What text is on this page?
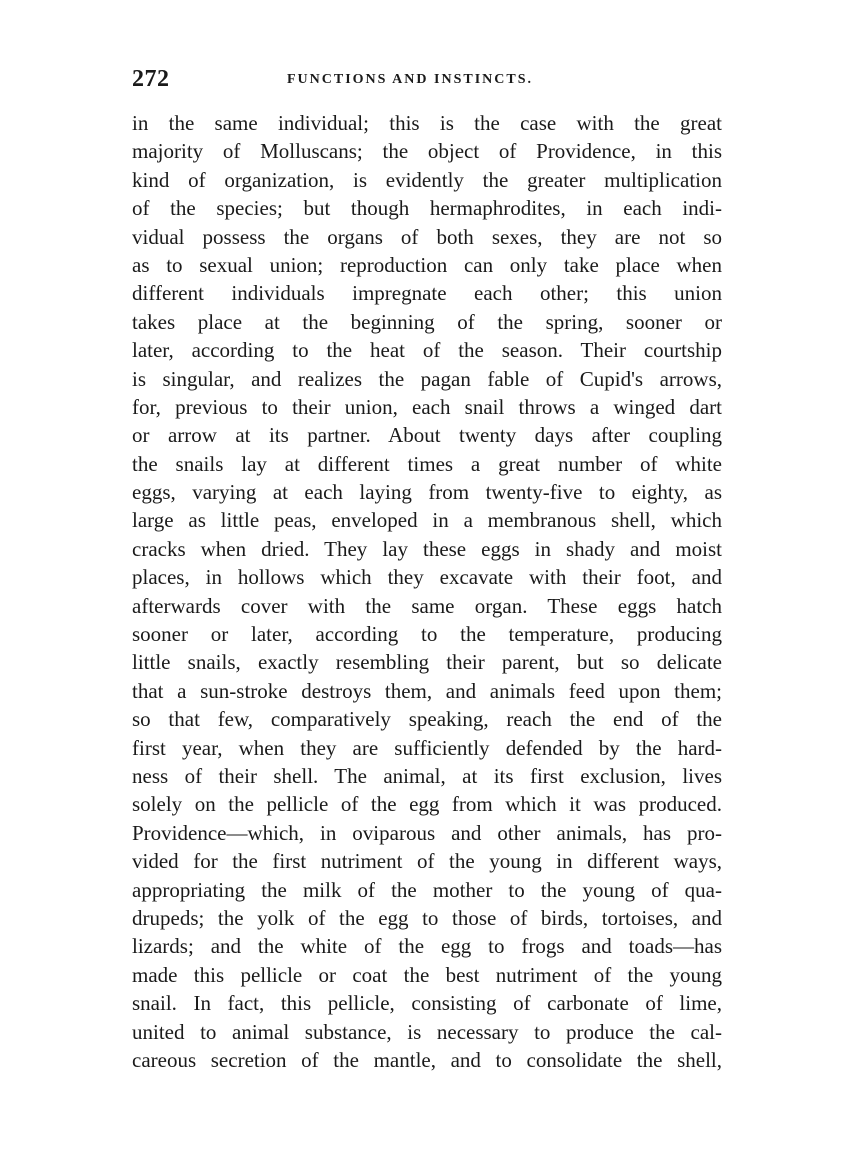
272	FUNCTIONS AND INSTINCTS.
in the same individual; this is the case with the great
majority of Molluscans; the object of Providence, in this
kind of organization, is evidently the greater multiplication
of the species; but though hermaphrodites, in each indi-
vidual possess the organs of both sexes, they are not so
as to sexual union; reproduction can only take place when
different individuals impregnate each other; this union
takes place at the beginning of the spring, sooner or
later, according to the heat of the season. Their courtship
is singular, and realizes the pagan fable of Cupid's arrows,
for, previous to their union, each snail throws a winged dart
or arrow at its partner. About twenty days after coupling
the snails lay at different times a great number of white
eggs, varying at each laying from twenty-five to eighty, as
large as little peas, enveloped in a membranous shell, which
cracks when dried. They lay these eggs in shady and moist
places, in hollows which they excavate with their foot, and
afterwards cover with the same organ. These eggs hatch
sooner or later, according to the temperature, producing
little snails, exactly resembling their parent, but so delicate
that a sun-stroke destroys them, and animals feed upon them;
so that few, comparatively speaking, reach the end of the
first year, when they are sufficiently defended by the hard-
ness of their shell. The animal, at its first exclusion, lives
solely on the pellicle of the egg from which it was produced.
Providence—which, in oviparous and other animals, has pro-
vided for the first nutriment of the young in different ways,
appropriating the milk of the mother to the young of qua-
drupeds; the yolk of the egg to those of birds, tortoises, and
lizards; and the white of the egg to frogs and toads—has
made this pellicle or coat the best nutriment of the young
snail. In fact, this pellicle, consisting of carbonate of lime,
united to animal substance, is necessary to produce the cal-
careous secretion of the mantle, and to consolidate the shell,
